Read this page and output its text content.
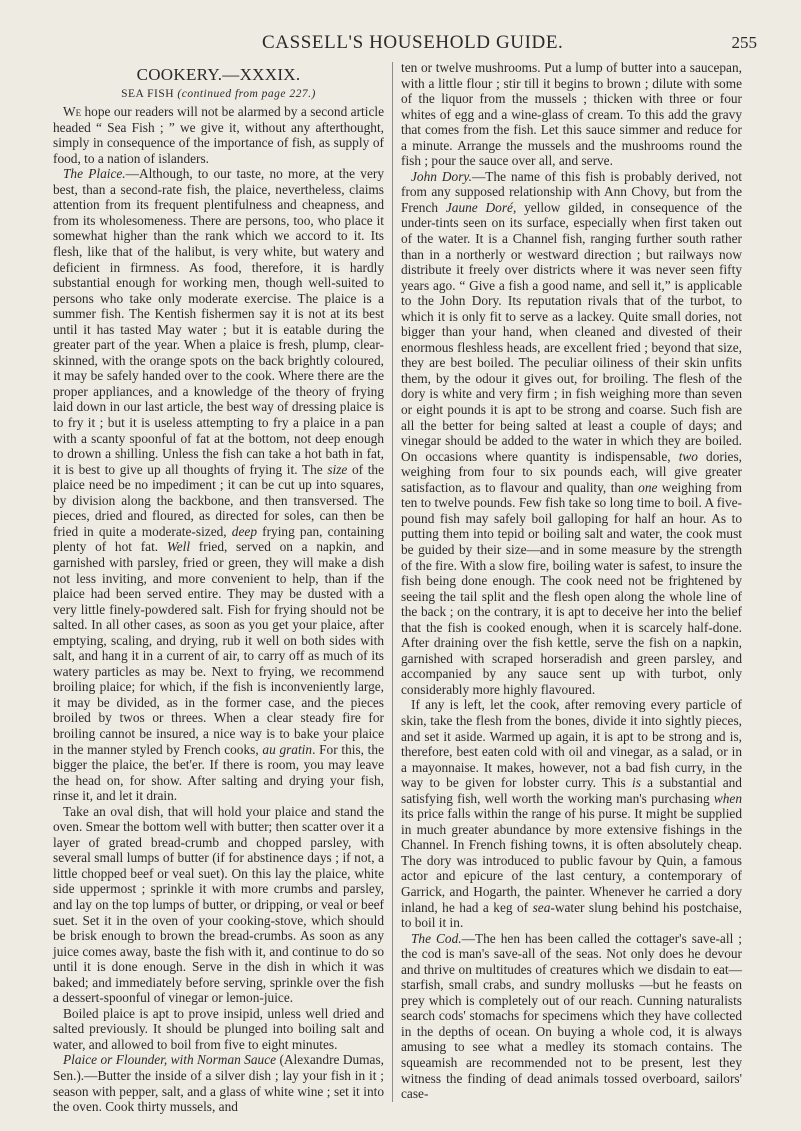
CASSELL'S HOUSEHOLD GUIDE.	255
COOKERY.—XXXIX.
SEA FISH (continued from page 227.)

We hope our readers will not be alarmed by a second article headed “ Sea Fish ; ” we give it, without any afterthought, simply in consequence of the importance of fish, as supply of food, to a nation of islanders.

The Plaice.—Although, to our taste, no more, at the very best, than a second-rate fish, the plaice, nevertheless, claims attention from its frequent plentifulness and cheapness, and from its wholesomeness. There are persons, too, who place it somewhat higher than the rank which we accord to it. Its flesh, like that of the halibut, is very white, but watery and deficient in firmness. As food, therefore, it is hardly substantial enough for working men, though well-suited to persons who take only moderate exercise. The plaice is a summer fish. The Kentish fishermen say it is not at its best until it has tasted May water ; but it is eatable during the greater part of the year. When a plaice is fresh, plump, clear-skinned, with the orange spots on the back brightly coloured, it may be safely handed over to the cook. Where there are the proper appliances, and a knowledge of the theory of frying laid down in our last article, the best way of dressing plaice is to fry it ; but it is useless attempting to fry a plaice in a pan with a scanty spoonful of fat at the bottom, not deep enough to drown a shilling. Unless the fish can take a hot bath in fat, it is best to give up all thoughts of frying it. The size of the plaice need be no impediment ; it can be cut up into squares, by division along the backbone, and then transversed. The pieces, dried and floured, as directed for soles, can then be fried in quite a moderate-sized, deep frying pan, containing plenty of hot fat. Well fried, served on a napkin, and garnished with parsley, fried or green, they will make a dish not less inviting, and more convenient to help, than if the plaice had been served entire. They may be dusted with a very little finely-powdered salt. Fish for frying should not be salted. In all other cases, as soon as you get your plaice, after emptying, scaling, and drying, rub it well on both sides with salt, and hang it in a current of air, to carry off as much of its watery particles as may be. Next to frying, we recommend broiling plaice; for which, if the fish is inconveniently large, it may be divided, as in the former case, and the pieces broiled by twos or threes. When a clear steady fire for broiling cannot be insured, a nice way is to bake your plaice in the manner styled by French cooks, au gratin. For this, the bigger the plaice, the bet⁠'⁠er. If there is room, you may leave the head on, for show. After salting and drying your fish, rinse it, and let it drain.

Take an oval dish, that will hold your plaice and stand the oven. Smear the bottom well with butter; then scatter over it a layer of grated bread-crumb and chopped parsley, with several small lumps of butter (if for abstinence days ; if not, a little chopped beef or veal suet). On this lay the plaice, white side uppermost ; sprinkle it with more crumbs and parsley, and lay on the top lumps of butter, or dripping, or veal or beef suet. Set it in the oven of your cooking-stove, which should be brisk enough to brown the bread-crumbs. As soon as any juice comes away, baste the fish with it, and continue to do so until it is done enough. Serve in the dish in which it was baked; and immediately before serving, sprinkle over the fish a dessert-spoonful of vinegar or lemon-juice.

Boiled plaice is apt to prove insipid, unless well dried and salted previously. It should be plunged into boiling salt and water, and allowed to boil from five to eight minutes.

Plaice or Flounder, with Norman Sauce (Alexandre Dumas, Sen.).—Butter the inside of a silver dish ; lay your fish in it ; season with pepper, salt, and a glass of white wine ; set it into the oven. Cook thirty mussels, and

ten or twelve mushrooms. Put a lump of butter into a saucepan, with a little flour ; stir till it begins to brown ; dilute with some of the liquor from the mussels ; thicken with three or four whites of egg and a wine-glass of cream. To this add the gravy that comes from the fish. Let this sauce simmer and reduce for a minute. Arrange the mussels and the mushrooms round the fish ; pour the sauce over all, and serve.

John Dory.—The name of this fish is probably derived, not from any supposed relationship with Ann Chovy, but from the French Jaune Doré, yellow gilded, in consequence of the under-tints seen on its surface, especially when first taken out of the water. It is a Channel fish, ranging further south rather than in a northerly or westward direction ; but railways now distribute it freely over districts where it was never seen fifty years ago. “ Give a fish a good name, and sell it,” is applicable to the John Dory. Its reputation rivals that of the turbot, to which it is only fit to serve as a lackey. Quite small dories, not bigger than your hand, when cleaned and divested of their enormous fleshless heads, are excellent fried ; beyond that size, they are best boiled. The peculiar oiliness of their skin unfits them, by the odour it gives out, for broiling. The flesh of the dory is white and very firm ; in fish weighing more than seven or eight pounds it is apt to be strong and coarse. Such fish are all the better for being salted at least a couple of days; and vinegar should be added to the water in which they are boiled. On occasions where quantity is indispensable, two dories, weighing from four to six pounds each, will give greater satisfaction, as to flavour and quality, than one weighing from ten to twelve pounds. Few fish take so long time to boil. A five-pound fish may safely boil galloping for half an hour. As to putting them into tepid or boiling salt and water, the cook must be guided by their size—and in some measure by the strength of the fire. With a slow fire, boiling water is safest, to insure the fish being done enough. The cook need not be frightened by seeing the tail split and the flesh open along the whole line of the back ; on the contrary, it is apt to deceive her into the belief that the fish is cooked enough, when it is scarcely half-done. After draining over the fish kettle, serve the fish on a napkin, garnished with scraped horseradish and green parsley, and accompanied by any sauce sent up with turbot, only considerably more highly flavoured.

If any is left, let the cook, after removing every particle of skin, take the flesh from the bones, divide it into sightly pieces, and set it aside. Warmed up again, it is apt to be strong and is, therefore, best eaten cold with oil and vinegar, as a salad, or in a mayonnaise. It makes, however, not a bad fish curry, in the way to be given for lobster curry. This is a substantial and satisfying fish, well worth the working man's purchasing when its price falls within the range of his purse. It might be supplied in much greater abundance by more extensive fishings in the Channel. In French fishing towns, it is often absolutely cheap. The dory was introduced to public favour by Quin, a famous actor and epicure of the last century, a contemporary of Garrick, and Hogarth, the painter. Whenever he carried a dory inland, he had a keg of sea-water slung behind his postchaise, to boil it in.

The Cod.—The hen has been called the cottager's save-all ; the cod is man's save-all of the seas. Not only does he devour and thrive on multitudes of creatures which we disdain to eat—starfish, small crabs, and sundry mollusks —but he feasts on prey which is completely out of our reach. Cunning naturalists search cods' stomachs for specimens which they have collected in the depths of ocean. On buying a whole cod, it is always amusing to see what a medley its stomach contains. The squeamish are recommended not to be present, lest they witness the finding of dead animals tossed overboard, sailors' case-
